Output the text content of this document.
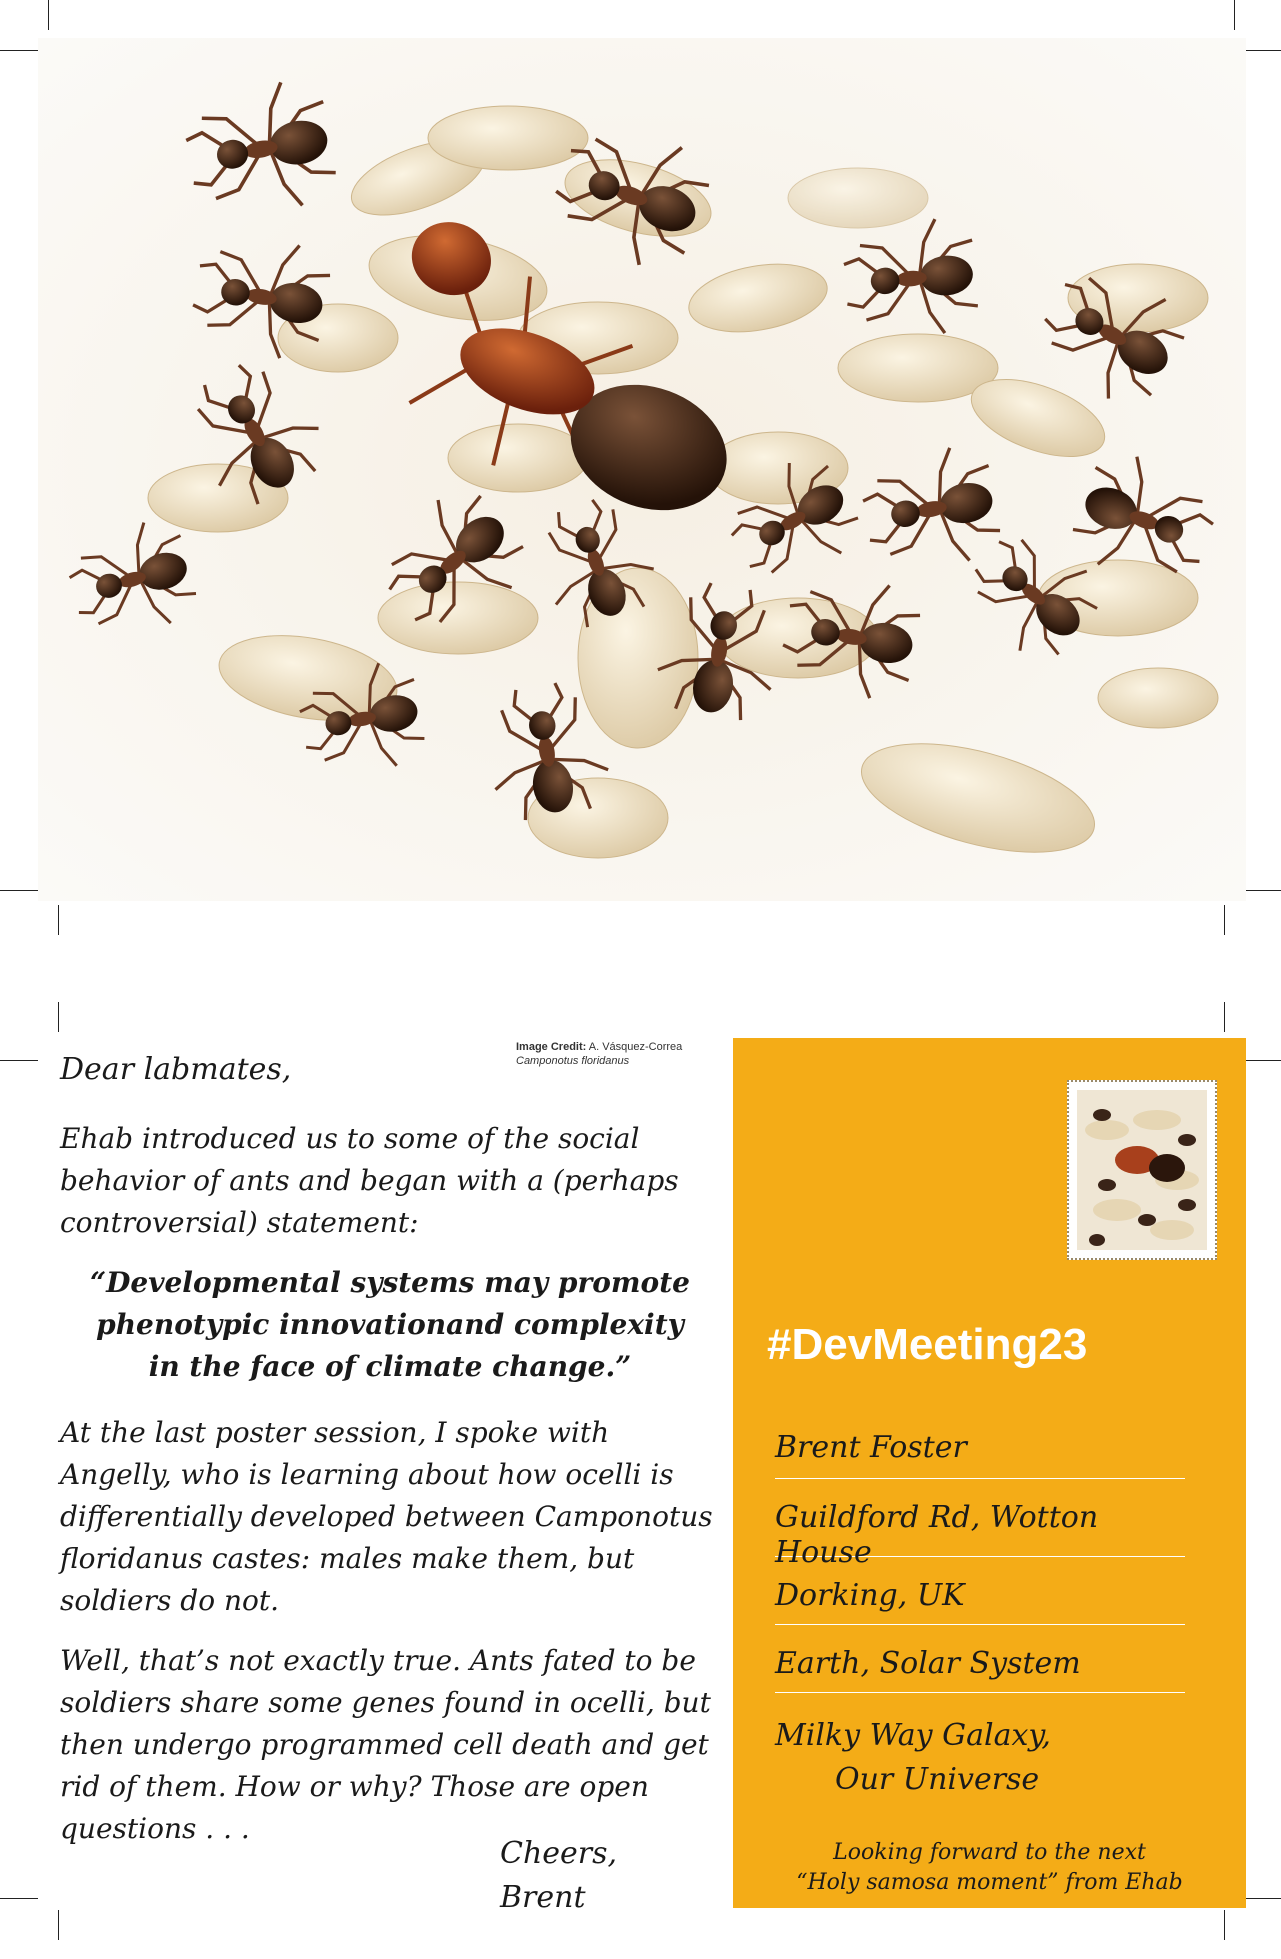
Image Credit: A. Vásquez-Correa
Camponotus floridanus
Dear labmates,

Ehab introduced us to some of the social behavior of ants and began with a (perhaps controversial) statement:

“Developmental systems may promote phenotypic innovationand complexity in the face of climate change.”

At the last poster session, I spoke with Angelly, who is learning about how ocelli is differentially developed between Camponotus floridanus castes: males make them, but soldiers do not.

Well, that’s not exactly true. Ants fated to be soldiers share some genes found in ocelli, but then undergo programmed cell death and get rid of them. How or why? Those are open questions . . .

Cheers,
Brent
#DevMeeting23
Brent Foster
Guildford Rd, Wotton House
Dorking, UK
Earth, Solar System
Milky Way Galaxy,
Our Universe
Looking forward to the next
“Holy samosa moment” from Ehab
